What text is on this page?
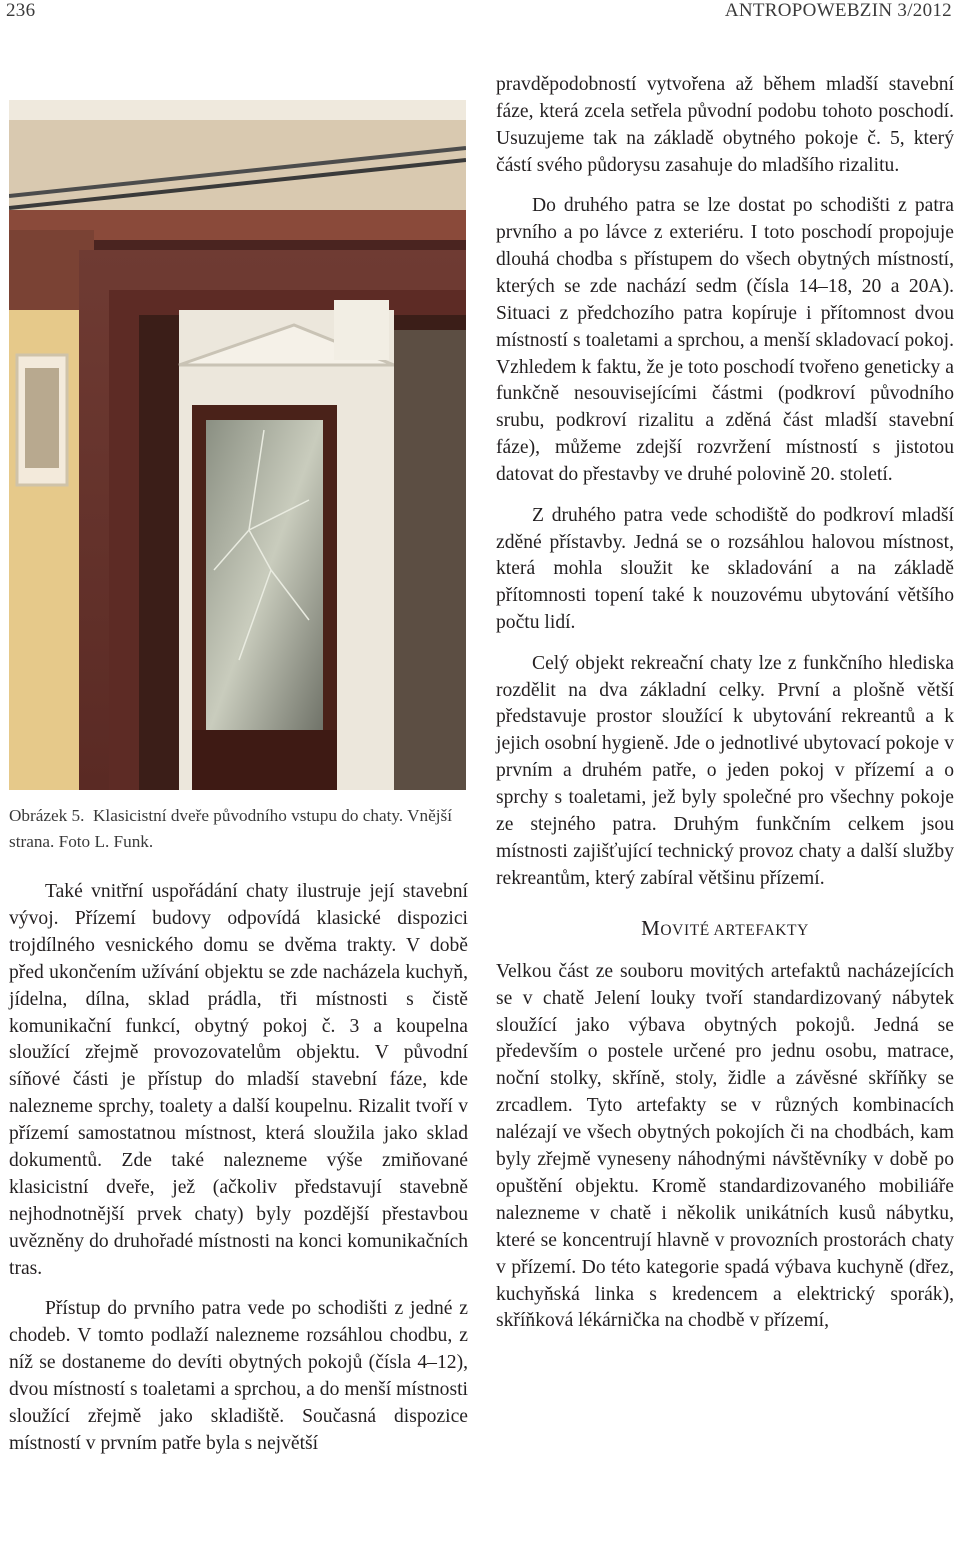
236	ANTROPOWEBZIN 3/2012

Obrázek 5. Klasicistní dveře původního vstupu do chaty. Vnější strana. Foto L. Funk.

Také vnitřní uspořádání chaty ilustruje její stavební vývoj. Přízemí budovy odpovídá klasické dispozici trojdílného vesnického domu se dvěma trakty. V době před ukončením užívání objektu se zde nacházela kuchyň, jídelna, dílna, sklad prádla, tři místnosti s čistě komunikační funkcí, obytný pokoj č. 3 a koupelna sloužící zřejmě provozovatelům objektu. V původní síňové části je přístup do mladší stavební fáze, kde nalezneme sprchy, toalety a další koupelnu. Rizalit tvoří v přízemí samostatnou místnost, která sloužila jako sklad dokumentů. Zde také nalezneme výše zmiňované klasicistní dveře, jež (ačkoliv představují stavebně nejhodnotnější prvek chaty) byly pozdější přestavbou uvězněny do druhořadé místnosti na konci komunikačních tras.

Přístup do prvního patra vede po schodišti z jedné z chodeb. V tomto podlaží nalezneme rozsáhlou chodbu, z níž se dostaneme do devíti obytných pokojů (čísla 4–12), dvou místností s toaletami a sprchou, a do menší místnosti sloužící zřejmě jako skladiště. Současná dispozice místností v prvním patře byla s největší

pravděpodobností vytvořena až během mladší stavební fáze, která zcela setřela původní podobu tohoto poschodí. Usuzujeme tak na základě obytného pokoje č. 5, který částí svého půdorysu zasahuje do mladšího rizalitu.

Do druhého patra se lze dostat po schodišti z patra prvního a po lávce z exteriéru. I toto poschodí propojuje dlouhá chodba s přístupem do všech obytných místností, kterých se zde nachází sedm (čísla 14–18, 20 a 20A). Situaci z předchozího patra kopíruje i přítomnost dvou místností s toaletami a sprchou, a menší skladovací pokoj. Vzhledem k faktu, že je toto poschodí tvořeno geneticky a funkčně nesouvisejícími částmi (podkroví původního srubu, podkroví rizalitu a zděná část mladší stavební fáze), můžeme zdejší rozvržení místností s jistotou datovat do přestavby ve druhé polovině 20. století.

Z druhého patra vede schodiště do podkroví mladší zděné přístavby. Jedná se o rozsáhlou halovou místnost, která mohla sloužit ke skladování a na základě přítomnosti topení také k nouzovému ubytování většího počtu lidí.

Celý objekt rekreační chaty lze z funkčního hlediska rozdělit na dva základní celky. První a plošně větší představuje prostor sloužící k ubytování rekreantů a k jejich osobní hygieně. Jde o jednotlivé ubytovací pokoje v prvním a druhém patře, o jeden pokoj v přízemí a o sprchy s toaletami, jež byly společné pro všechny pokoje ze stejného patra. Druhým funkčním celkem jsou místnosti zajišťující technický provoz chaty a další služby rekreantům, který zabíral většinu přízemí.

MOVITÉ ARTEFAKTY

Velkou část ze souboru movitých artefaktů nacházejících se v chatě Jelení louky tvoří standardizovaný nábytek sloužící jako výbava obytných pokojů. Jedná se především o postele určené pro jednu osobu, matrace, noční stolky, skříně, stoly, židle a závěsné skříňky se zrcadlem. Tyto artefakty se v různých kombinacích nalézají ve všech obytných pokojích či na chodbách, kam byly zřejmě vyneseny náhodnými návštěvníky v době po opuštění objektu. Kromě standardizovaného mobiliáře nalezneme v chatě i několik unikátních kusů nábytku, které se koncentrují hlavně v provozních prostorách chaty v přízemí. Do této kategorie spadá výbava kuchyně (dřez, kuchyňská linka s kredencem a elektrický sporák), skříňková lékárnička na chodbě v přízemí,
